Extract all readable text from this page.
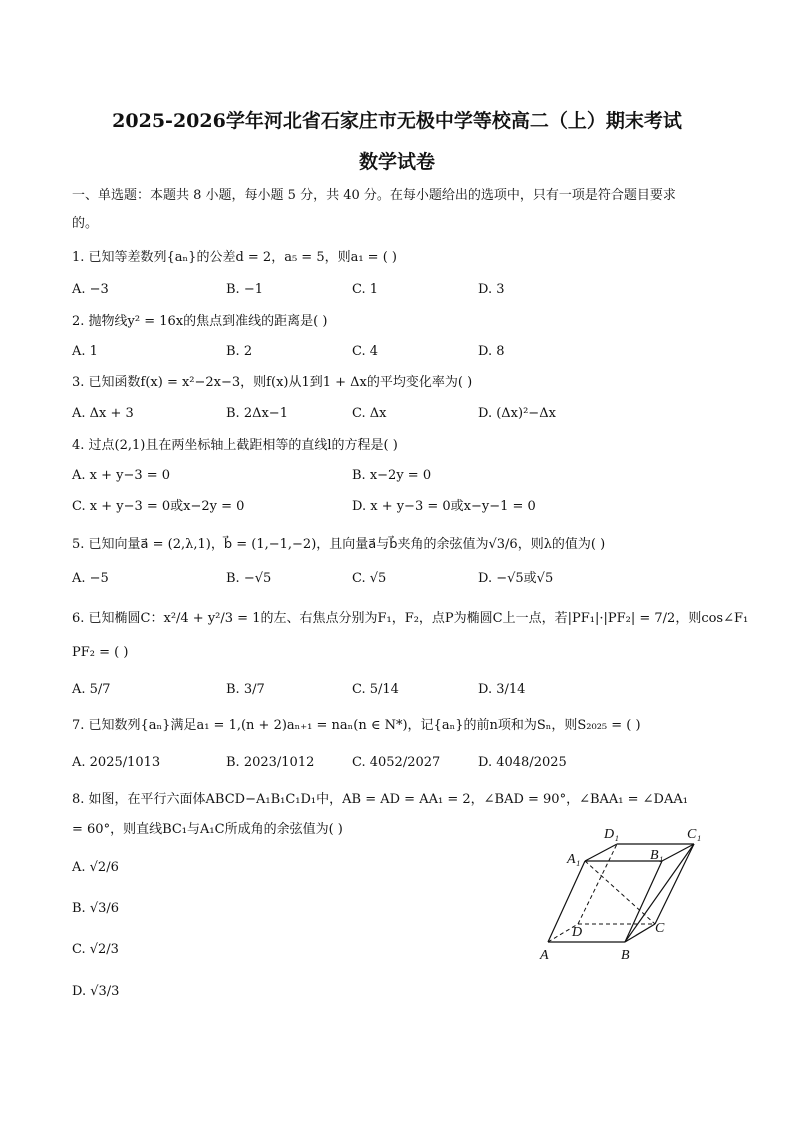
2025-2026学年河北省石家庄市无极中学等校高二（上）期末考试
数学试卷
一、单选题：本题共 8 小题，每小题 5 分，共 40 分。在每小题给出的选项中，只有一项是符合题目要求
的。
1. 已知等差数列{aₙ}的公差d = 2，a₅ = 5，则a₁ = ( )
A. −3	B. −1	C. 1	D. 3
2. 抛物线y² = 16x的焦点到准线的距离是( )
A. 1	B. 2	C. 4	D. 8
3. 已知函数f(x) = x²−2x−3，则f(x)从1到1 + Δx的平均变化率为( )
A. Δx + 3	B. 2Δx−1	C. Δx	D. (Δx)²−Δx
4. 过点(2,1)且在两坐标轴上截距相等的直线l的方程是( )
A. x + y−3 = 0	B. x−2y = 0
C. x + y−3 = 0或x−2y = 0	D. x + y−3 = 0或x−y−1 = 0
5. 已知向量a⃗ = (2,λ,1)，b⃗ = (1,−1,−2)，且向量a⃗与b⃗夹角的余弦值为√3/6，则λ的值为( )
A. −5	B. −√5	C. √5	D. −√5或√5
6. 已知椭圆C：x²/4 + y²/3 = 1的左、右焦点分别为F₁，F₂，点P为椭圆C上一点，若|PF₁|·|PF₂| = 7/2，则cos∠F₁
PF₂ = ( )
A. 5/7	B. 3/7	C. 5/14	D. 3/14
7. 已知数列{aₙ}满足a₁ = 1,(n + 2)aₙ₊₁ = naₙ(n ∈ N*)，记{aₙ}的前n项和为Sₙ，则S₂₀₂₅ = ( )
A. 2025/1013	B. 2023/1012	C. 4052/2027	D. 4048/2025
8. 如图，在平行六面体ABCD−A₁B₁C₁D₁中，AB = AD = AA₁ = 2，∠BAD = 90°，∠BAA₁ = ∠DAA₁
= 60°，则直线BC₁与A₁C所成角的余弦值为( )
A. √2/6
B. √3/6
C. √2/3
D. √3/3
D₁	C₁
A₁	B₁
D	C
A	B
